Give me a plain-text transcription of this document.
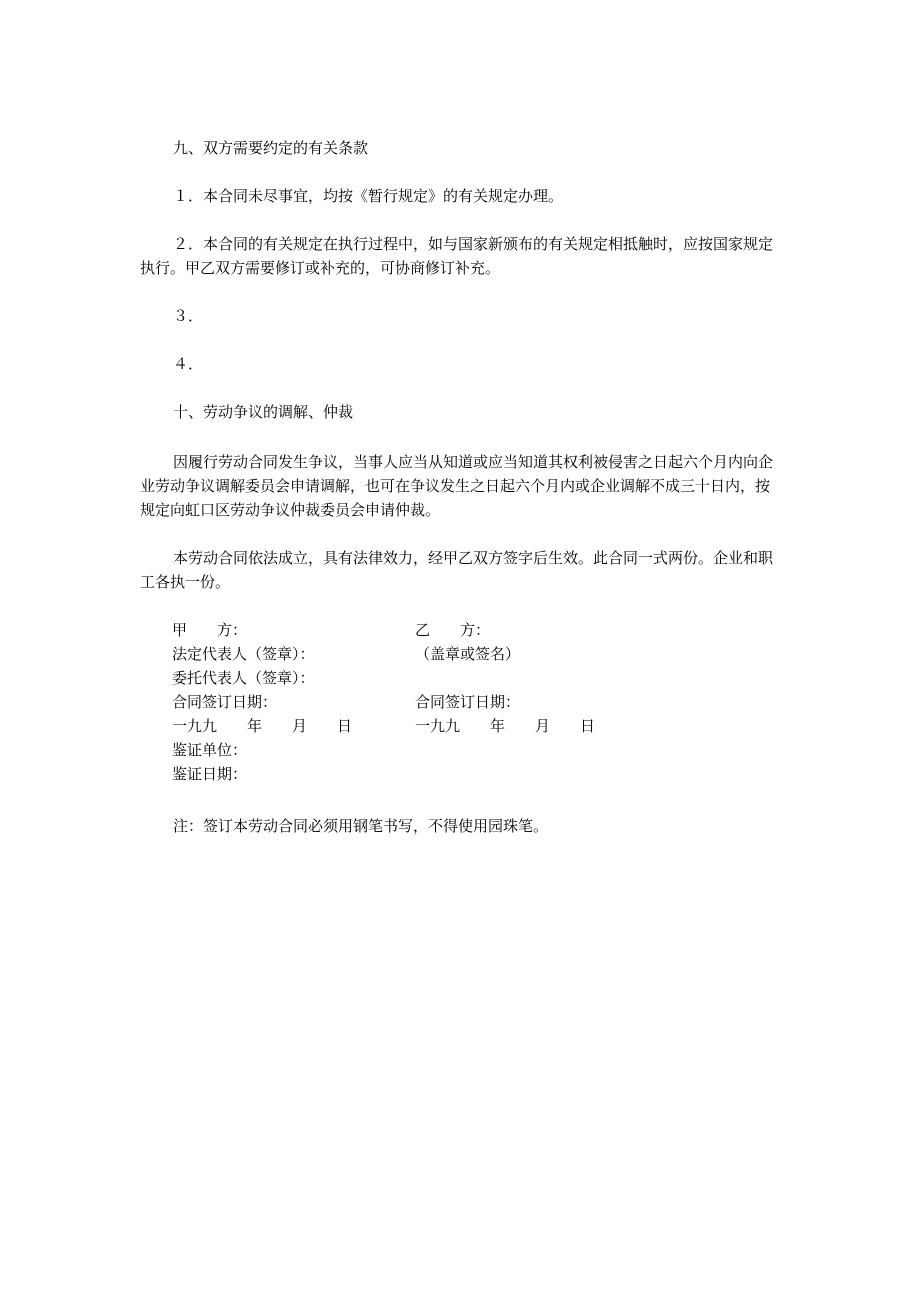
九、双方需要约定的有关条款

１．本合同未尽事宜，均按《暂行规定》的有关规定办理。

２．本合同的有关规定在执行过程中，如与国家新颁布的有关规定相抵触时，应按国家规定执行。甲乙双方需要修订或补充的，可协商修订补充。

３．

４．

十、劳动争议的调解、仲裁

因履行劳动合同发生争议，当事人应当从知道或应当知道其权利被侵害之日起六个月内向企业劳动争议调解委员会申请调解，也可在争议发生之日起六个月内或企业调解不成三十日内，按规定向虹口区劳动争议仲裁委员会申请仲裁。

本劳动合同依法成立，具有法律效力，经甲乙双方签字后生效。此合同一式两份。企业和职工各执一份。

甲　　方：	乙　　方：
法定代表人（签章）：	（盖章或签名）
委托代表人（签章）：
合同签订日期：	合同签订日期：
一九九　　年　　月　　日	一九九　　年　　月　　日
鉴证单位：
鉴证日期：

注：签订本劳动合同必须用钢笔书写，不得使用园珠笔。
